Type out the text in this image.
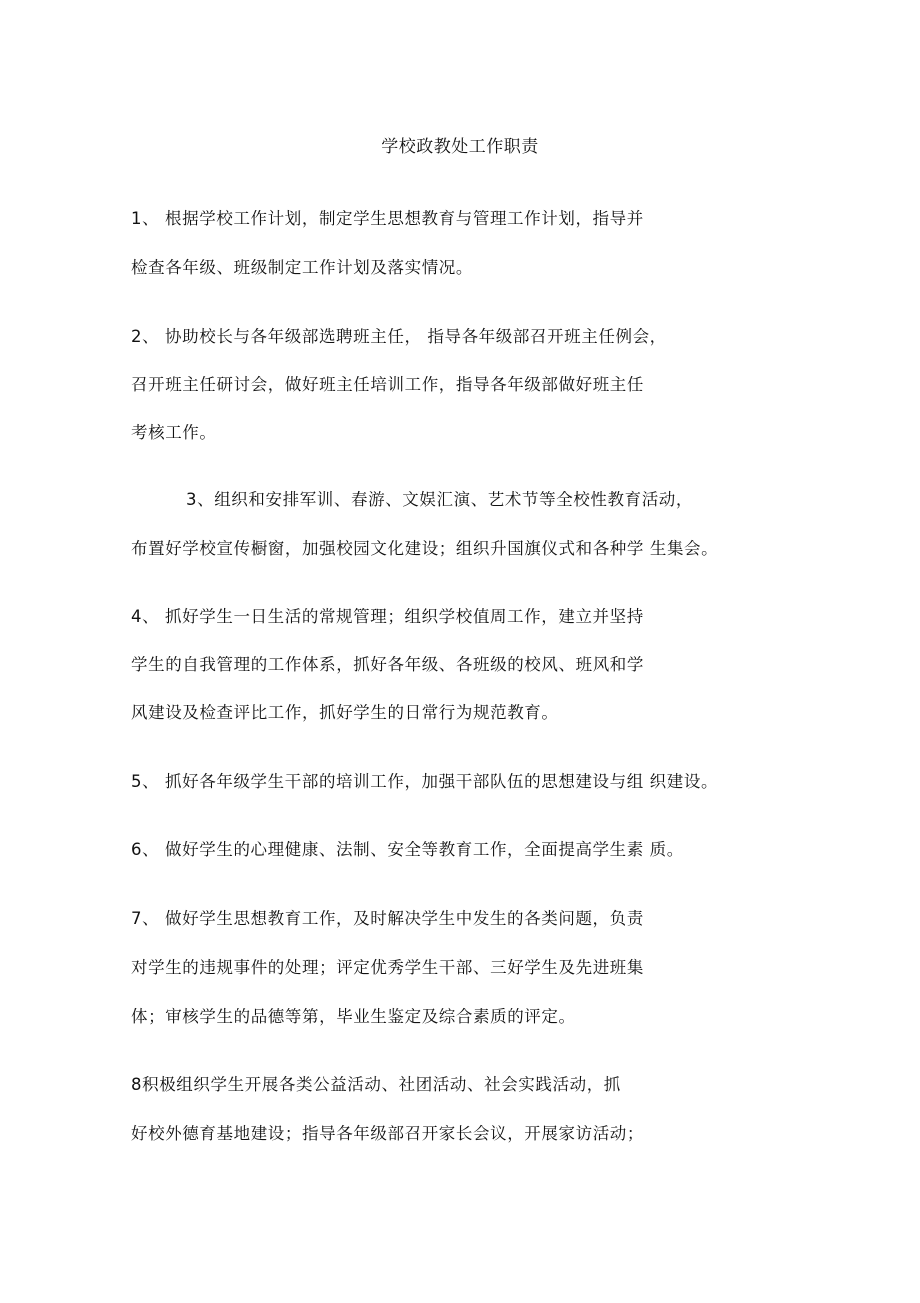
学校政教处工作职责
1、 根据学校工作计划，制定学生思想教育与管理工作计划，指导并
检查各年级、班级制定工作计划及落实情况。
2、 协助校长与各年级部选聘班主任， 指导各年级部召开班主任例会，
召开班主任研讨会，做好班主任培训工作，指导各年级部做好班主任
考核工作。
3、组织和安排军训、春游、文娱汇演、艺术节等全校性教育活动，
布置好学校宣传橱窗，加强校园文化建设；组织升国旗仪式和各种学 生集会。
4、 抓好学生一日生活的常规管理；组织学校值周工作，建立并坚持
学生的自我管理的工作体系，抓好各年级、各班级的校风、班风和学
风建设及检查评比工作，抓好学生的日常行为规范教育。
5、 抓好各年级学生干部的培训工作，加强干部队伍的思想建设与组 织建设。
6、 做好学生的心理健康、法制、安全等教育工作，全面提高学生素 质。
7、 做好学生思想教育工作，及时解决学生中发生的各类问题，负责
对学生的违规事件的处理；评定优秀学生干部、三好学生及先进班集
体；审核学生的品德等第，毕业生鉴定及综合素质的评定。
8积极组织学生开展各类公益活动、社团活动、社会实践活动，抓
好校外德育基地建设；指导各年级部召开家长会议，开展家访活动；
